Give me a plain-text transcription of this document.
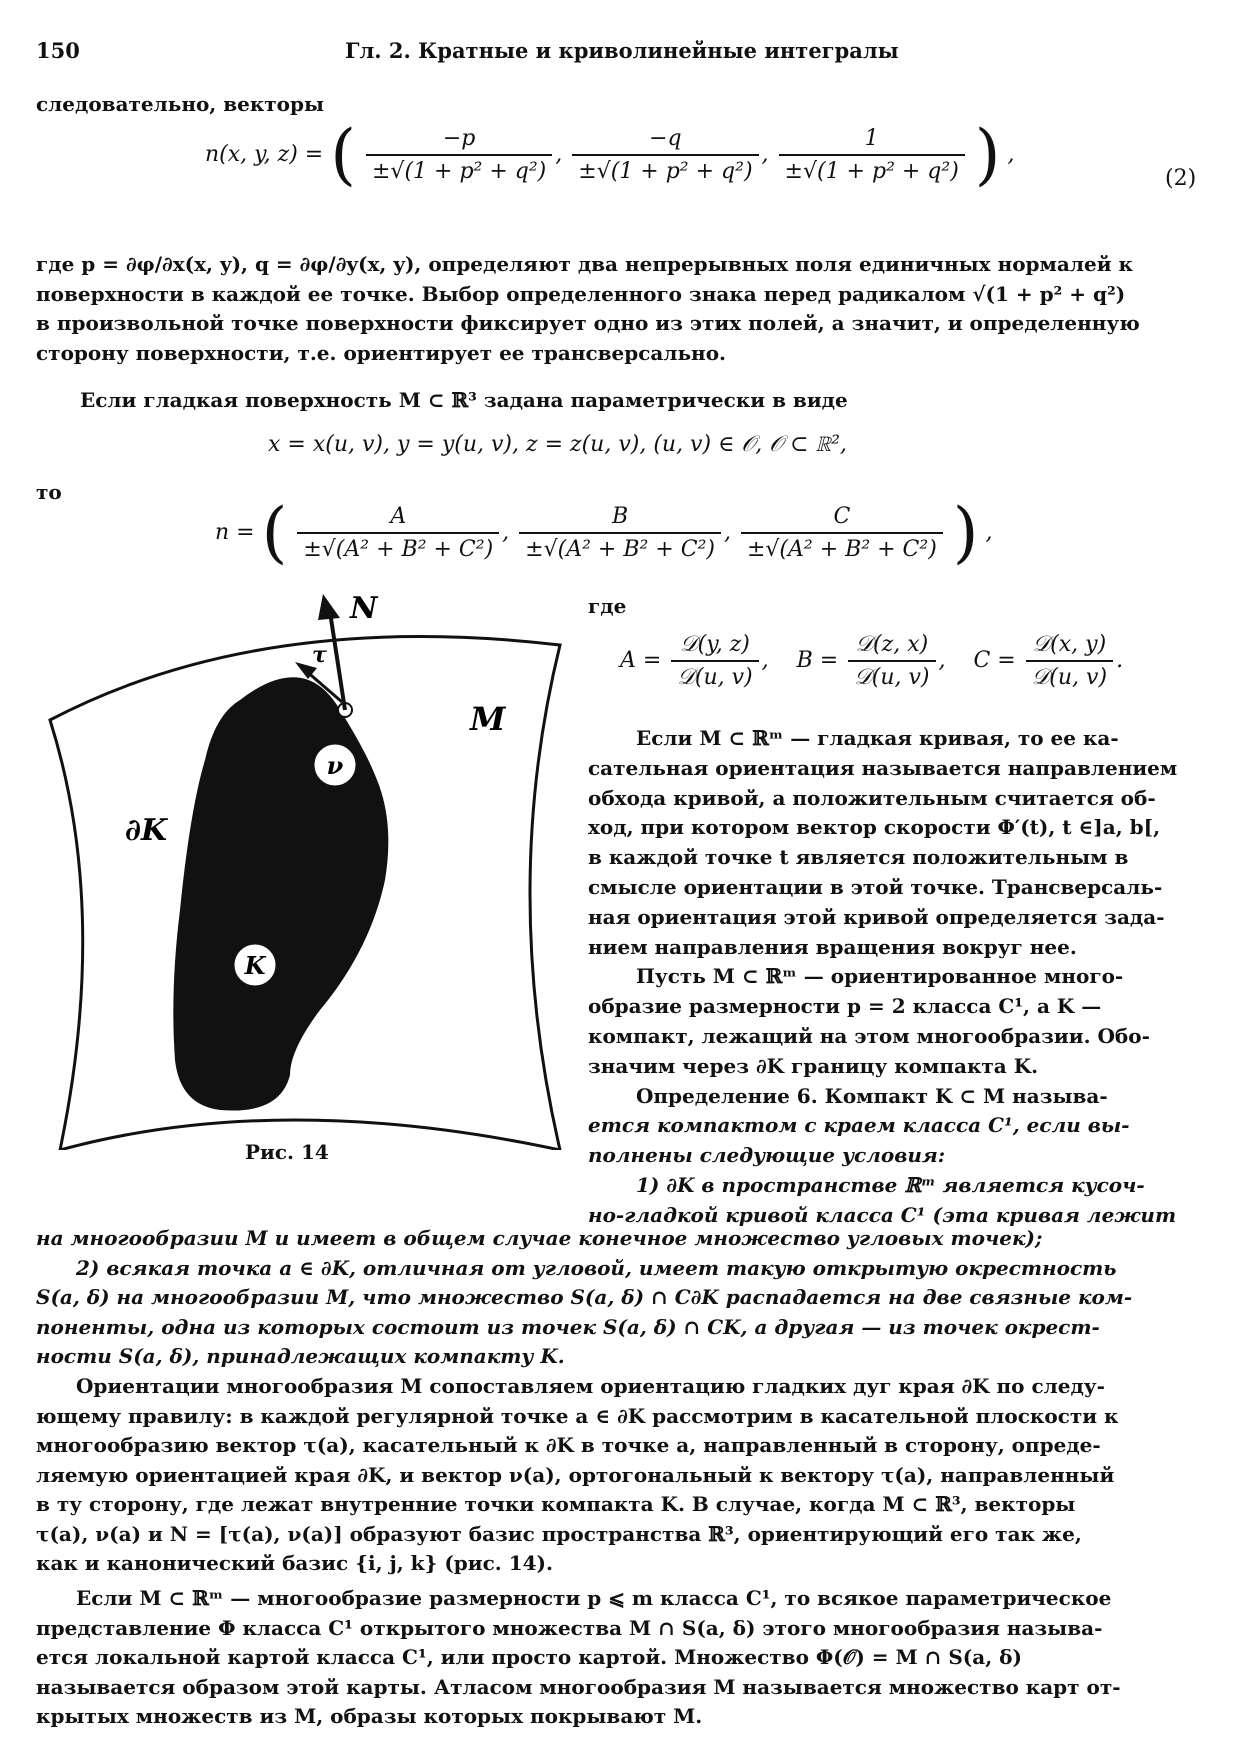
150	Гл. 2. Кратные и криволинейные интегралы
следовательно, векторы
n(x, y, z) = ( $\frac{-p}{\text{±√(1 + p² + q²)}}$ , $\frac{-q}{\text{±√(1 + p² + q²)}}$ , $\frac{1}{\text{±√(1 + p² + q²)}}$ ) ,
(2)
где p = ∂φ/∂x(x, y), q = ∂φ/∂y(x, y), определяют два непрерывных поля единичных нормалей к
поверхности в каждой ее точке. Выбор определенного знака перед радикалом √(1 + p² + q²)
в произвольной точке поверхности фиксирует одно из этих полей, а значит, и определенную
сторону поверхности, т.е. ориентирует ее трансверсально.
Если гладкая поверхность M ⊂ ℝ³ задана параметрически в виде
x = x(u, v), y = y(u, v), z = z(u, v), (u, v) ∈ 𝒪, 𝒪 ⊂ ℝ²,
то
n = ( $\frac{A}{\text{±√(A² + B² + C²)}}$ , $\frac{B}{\text{±√(A² + B² + C²)}}$ , $\frac{C}{\text{±√(A² + B² + C²)}}$ ) ,
где
$A = \frac{\text{𝒟(y, z)}}{\text{𝒟(u, v)}}$ ,    $B = \frac{\text{𝒟(z, x)}}{\text{𝒟(u, v)}}$ ,    $C = \frac{\text{𝒟(x, y)}}{\text{𝒟(u, v)}}$ .
N
τ
M
∂K
ν
K
Рис. 14
Если M ⊂ ℝᵐ — гладкая кривая, то ее ка-
сательная ориентация называется направлением
обхода кривой, а положительным считается об-
ход, при котором вектор скорости Φ′(t), t ∈]a, b[,
в каждой точке t является положительным в
смысле ориентации в этой точке. Трансверсаль-
ная ориентация этой кривой определяется зада-
нием направления вращения вокруг нее.
Пусть M ⊂ ℝᵐ — ориентированное много-
образие размерности p = 2 класса C¹, а K —
компакт, лежащий на этом многообразии. Обо-
значим через ∂K границу компакта K.
Определение 6. Компакт K ⊂ M называ-
ется компактом с краем класса C¹, если вы-
полнены следующие условия:
1) ∂K в пространстве ℝᵐ является кусоч-
но-гладкой кривой класса C¹ (эта кривая лежит
на многообразии M и имеет в общем случае конечное множество угловых точек);
2) всякая точка a ∈ ∂K, отличная от угловой, имеет такую открытую окрестность
S(a, δ) на многообразии M, что множество S(a, δ) ∩ C∂K распадается на две связные ком-
поненты, одна из которых состоит из точек S(a, δ) ∩ CK, а другая — из точек окрест-
ности S(a, δ), принадлежащих компакту K.
Ориентации многообразия M сопоставляем ориентацию гладких дуг края ∂K по следу-
ющему правилу: в каждой регулярной точке a ∈ ∂K рассмотрим в касательной плоскости к
многообразию вектор τ(a), касательный к ∂K в точке a, направленный в сторону, опреде-
ляемую ориентацией края ∂K, и вектор ν(a), ортогональный к вектору τ(a), направленный
в ту сторону, где лежат внутренние точки компакта K. В случае, когда M ⊂ ℝ³, векторы
τ(a), ν(a) и N = [τ(a), ν(a)] образуют базис пространства ℝ³, ориентирующий его так же,
как и канонический базис {i, j, k} (рис. 14).
Если M ⊂ ℝᵐ — многообразие размерности p ⩽ m класса C¹, то всякое параметрическое
представление Φ класса C¹ открытого множества M ∩ S(a, δ) этого многообразия называ-
ется локальной картой класса C¹, или просто картой. Множество Φ(𝒪) = M ∩ S(a, δ)
называется образом этой карты. Атласом многообразия M называется множество карт от-
крытых множеств из M, образы которых покрывают M.
